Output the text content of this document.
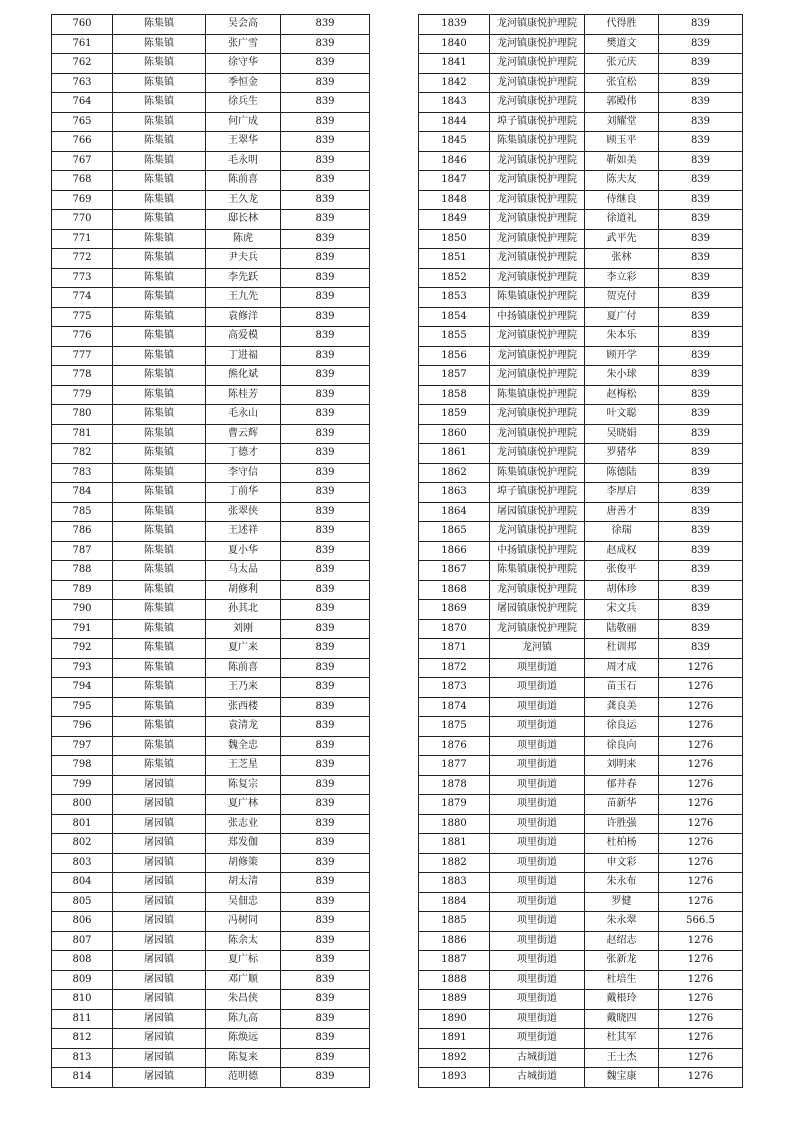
760	陈集镇	吴会高	839
761	陈集镇	张广雪	839
762	陈集镇	徐守华	839
763	陈集镇	季恒金	839
764	陈集镇	徐兵生	839
765	陈集镇	何广成	839
766	陈集镇	王翠华	839
767	陈集镇	毛永明	839
768	陈集镇	陈前喜	839
769	陈集镇	王久龙	839
770	陈集镇	邸长林	839
771	陈集镇	陈虎	839
772	陈集镇	尹夫兵	839
773	陈集镇	李先跃	839
774	陈集镇	王九先	839
775	陈集镇	袁修洋	839
776	陈集镇	高爱模	839
777	陈集镇	丁进福	839
778	陈集镇	熊化斌	839
779	陈集镇	陈桂芳	839
780	陈集镇	毛永山	839
781	陈集镇	曹云辉	839
782	陈集镇	丁德才	839
783	陈集镇	李守信	839
784	陈集镇	丁前华	839
785	陈集镇	张翠侠	839
786	陈集镇	王述祥	839
787	陈集镇	夏小华	839
788	陈集镇	马太品	839
789	陈集镇	胡修利	839
790	陈集镇	孙其北	839
791	陈集镇	刘刚	839
792	陈集镇	夏广来	839
793	陈集镇	陈前喜	839
794	陈集镇	王乃来	839
795	陈集镇	张西楼	839
796	陈集镇	袁清龙	839
797	陈集镇	魏全忠	839
798	陈集镇	王芝星	839
799	屠园镇	陈复宗	839
800	屠园镇	夏广林	839
801	屠园镇	张志业	839
802	屠园镇	郑发伽	839
803	屠园镇	胡修策	839
804	屠园镇	胡太清	839
805	屠园镇	吴佃忠	839
806	屠园镇	冯树同	839
807	屠园镇	陈余太	839
808	屠园镇	夏广标	839
809	屠园镇	邓广顺	839
810	屠园镇	朱昌侠	839
811	屠园镇	陈九高	839
812	屠园镇	陈焕远	839
813	屠园镇	陈复来	839
814	屠园镇	范明德	839
1839	龙河镇康悦护理院	代得胜	839
1840	龙河镇康悦护理院	樊道文	839
1841	龙河镇康悦护理院	张元庆	839
1842	龙河镇康悦护理院	张宜松	839
1843	龙河镇康悦护理院	郭殿伟	839
1844	埠子镇康悦护理院	刘耀堂	839
1845	陈集镇康悦护理院	顾玉平	839
1846	龙河镇康悦护理院	靳如美	839
1847	龙河镇康悦护理院	陈夫友	839
1848	龙河镇康悦护理院	侍继良	839
1849	龙河镇康悦护理院	徐道礼	839
1850	龙河镇康悦护理院	武平先	839
1851	龙河镇康悦护理院	张林	839
1852	龙河镇康悦护理院	李立彩	839
1853	陈集镇康悦护理院	贺克付	839
1854	中扬镇康悦护理院	夏广付	839
1855	龙河镇康悦护理院	朱本乐	839
1856	龙河镇康悦护理院	顾开学	839
1857	龙河镇康悦护理院	朱小球	839
1858	陈集镇康悦护理院	赵梅松	839
1859	龙河镇康悦护理院	叶文聪	839
1860	龙河镇康悦护理院	吴晓娟	839
1861	龙河镇康悦护理院	罗猪华	839
1862	陈集镇康悦护理院	陈德陆	839
1863	埠子镇康悦护理院	李厚启	839
1864	屠园镇康悦护理院	唐善才	839
1865	龙河镇康悦护理院	徐瑞	839
1866	中扬镇康悦护理院	赵成权	839
1867	陈集镇康悦护理院	张俊平	839
1868	龙河镇康悦护理院	胡体珍	839
1869	屠园镇康悦护理院	宋文兵	839
1870	龙河镇康悦护理院	陆敬丽	839
1871	龙河镇	杜训邦	839
1872	项里街道	周才成	1276
1873	项里街道	苗玉石	1276
1874	项里街道	龚良美	1276
1875	项里街道	徐良运	1276
1876	项里街道	徐良向	1276
1877	项里街道	刘明来	1276
1878	项里街道	郁井春	1276
1879	项里街道	苗新华	1276
1880	项里街道	许胜强	1276
1881	项里街道	杜柏杨	1276
1882	项里街道	申文彩	1276
1883	项里街道	朱永布	1276
1884	项里街道	罗健	1276
1885	项里街道	朱永翠	566.5
1886	项里街道	赵绍志	1276
1887	项里街道	张新龙	1276
1888	项里街道	杜培生	1276
1889	项里街道	戴根玲	1276
1890	项里街道	戴晓四	1276
1891	项里街道	杜其军	1276
1892	古城街道	王士杰	1276
1893	古城街道	魏宝康	1276
